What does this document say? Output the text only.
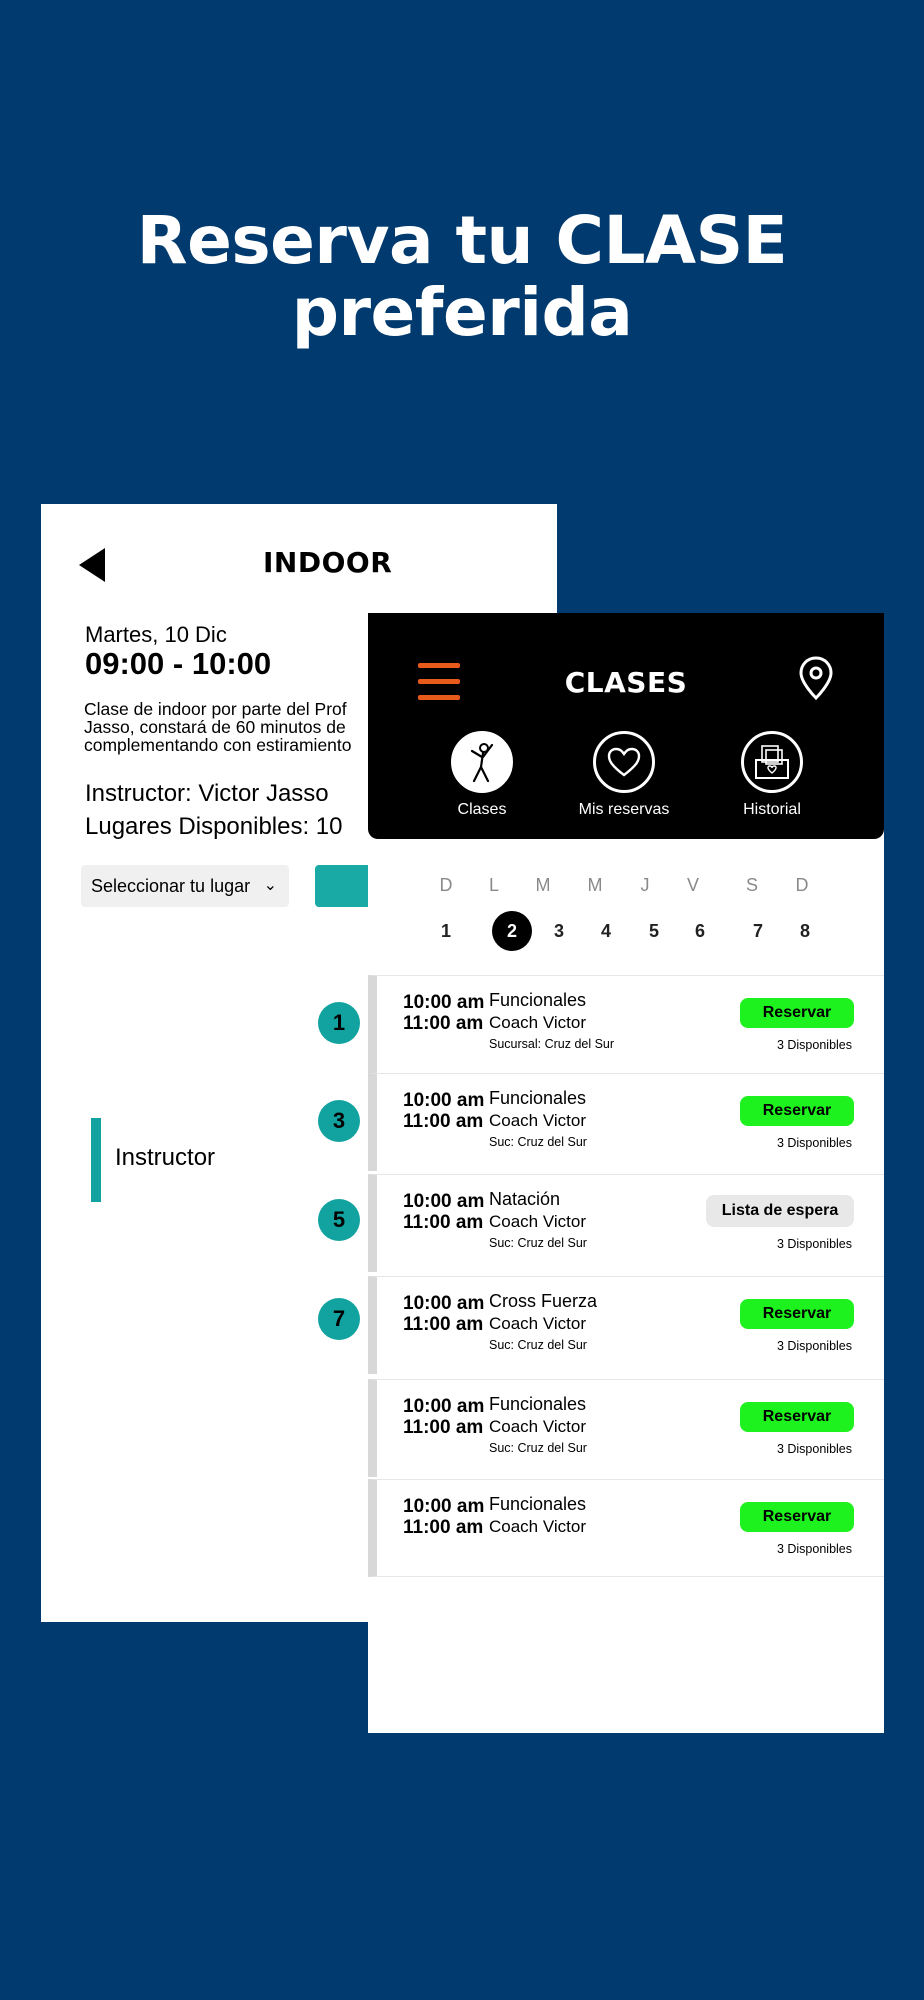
Reserva tu CLASE
preferida
INDOOR
Martes, 10 Dic
09:00 - 10:00
Clase de indoor por parte del Prof Jasso, constará de 60 minutos de complementando con estiramiento
Instructor: Victor Jasso
Lugares Disponibles: 10
Seleccionar tu lugar ⌄
1
3
5
7
Instructor
CLASES
Clases	Mis reservas	Historial
D	L	M	M	J	V	S	D
1	2	3	4	5	6	7	8
10:00 am
11:00 am
Funcionales
Coach Victor
Sucursal: Cruz del Sur
Reservar
3 Disponibles
10:00 am
11:00 am
Funcionales
Coach Victor
Suc: Cruz del Sur
Reservar
3 Disponibles
10:00 am
11:00 am
Natación
Coach Victor
Suc: Cruz del Sur
Lista de espera
3 Disponibles
10:00 am
11:00 am
Cross Fuerza
Coach Victor
Suc: Cruz del Sur
Reservar
3 Disponibles
10:00 am
11:00 am
Funcionales
Coach Victor
Suc: Cruz del Sur
Reservar
3 Disponibles
10:00 am
11:00 am
Funcionales
Coach Victor
Reservar
3 Disponibles
